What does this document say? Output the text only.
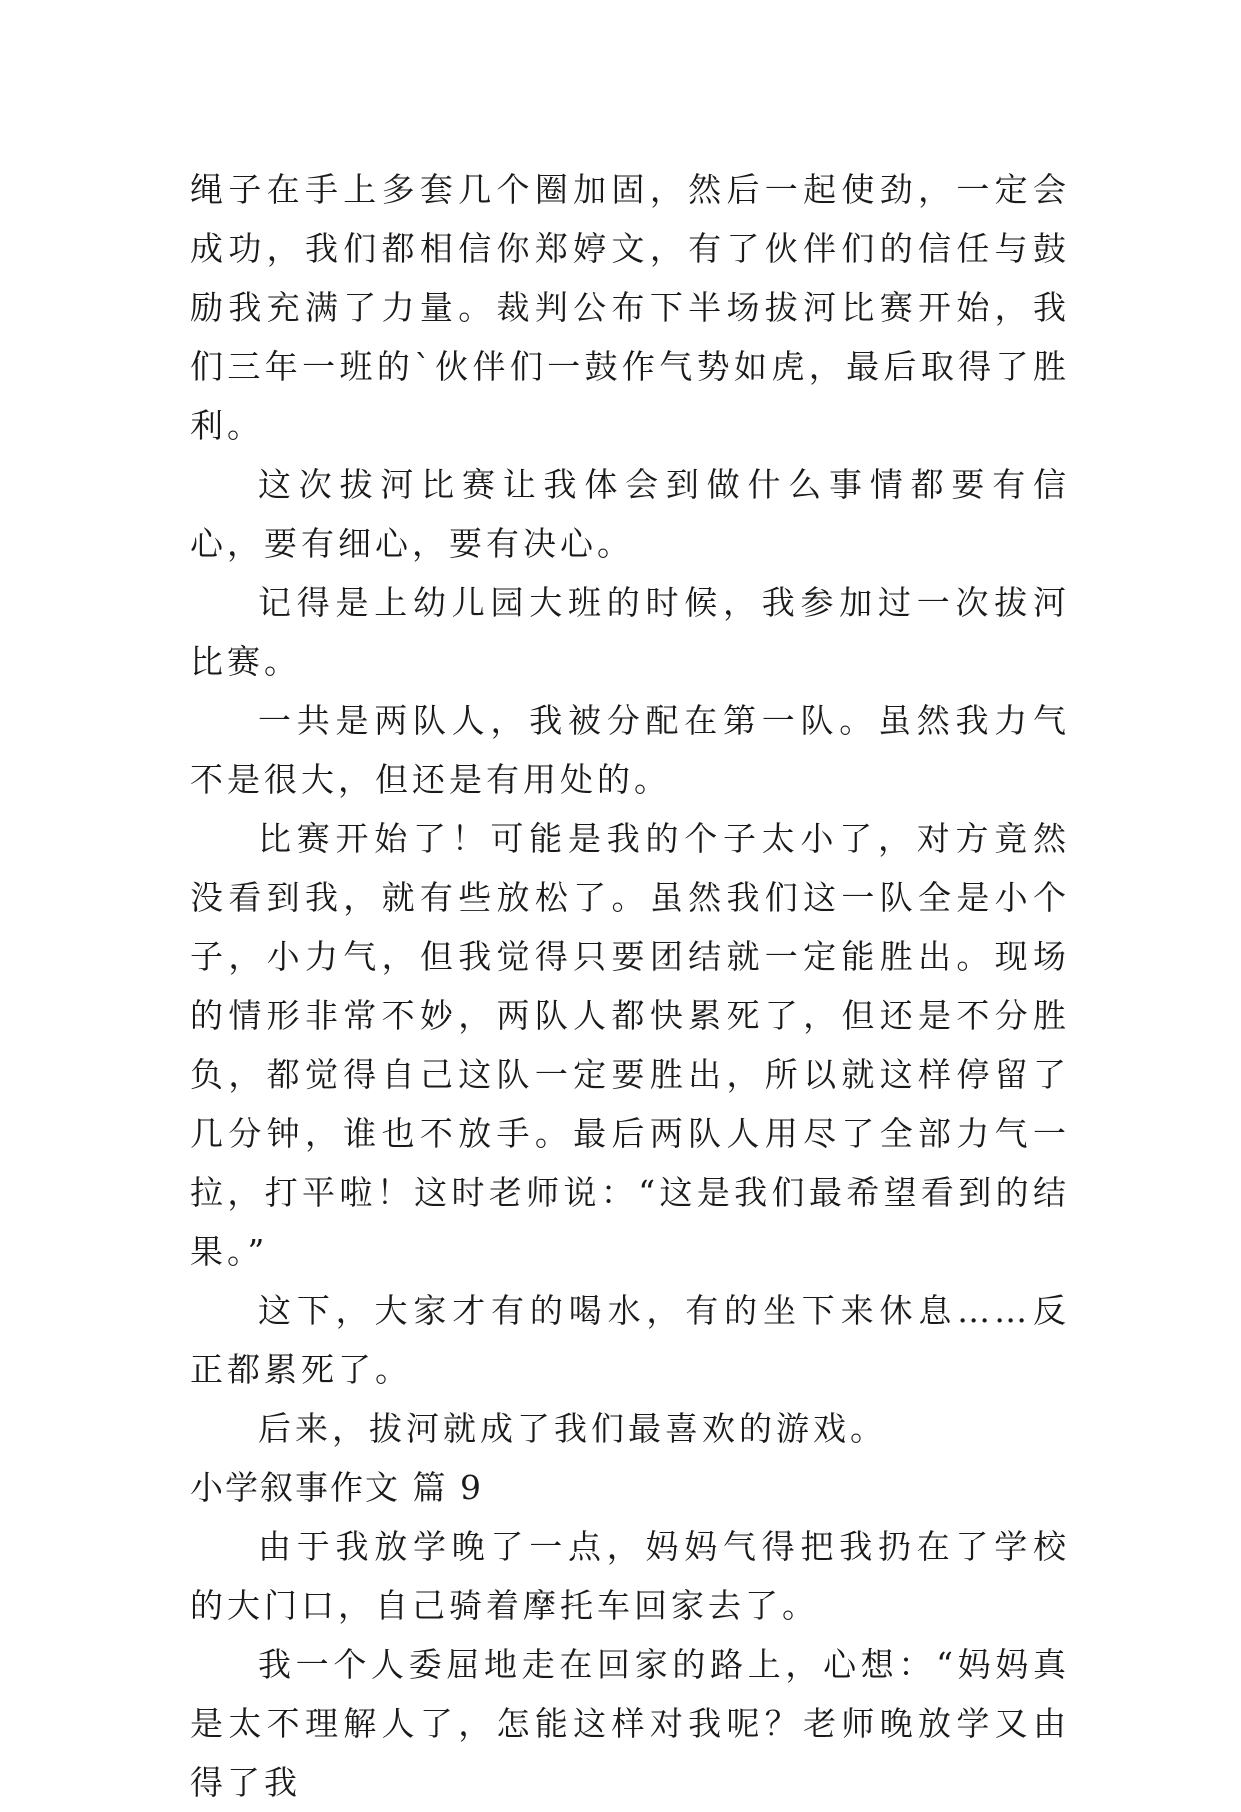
绳子在手上多套几个圈加固，然后一起使劲，一定会成功，我们都相信你郑婷文，有了伙伴们的信任与鼓励我充满了力量。裁判公布下半场拔河比赛开始，我们三年一班的`伙伴们一鼓作气势如虎，最后取得了胜利。

这次拔河比赛让我体会到做什么事情都要有信心，要有细心，要有决心。

记得是上幼儿园大班的时候，我参加过一次拔河比赛。

一共是两队人，我被分配在第一队。虽然我力气不是很大，但还是有用处的。

比赛开始了！可能是我的个子太小了，对方竟然没看到我，就有些放松了。虽然我们这一队全是小个子，小力气，但我觉得只要团结就一定能胜出。现场的情形非常不妙，两队人都快累死了，但还是不分胜负，都觉得自己这队一定要胜出，所以就这样停留了几分钟，谁也不放手。最后两队人用尽了全部力气一拉，打平啦！这时老师说：“这是我们最希望看到的结果。”

这下，大家才有的喝水，有的坐下来休息……反正都累死了。

后来，拔河就成了我们最喜欢的游戏。

小学叙事作文 篇 9

由于我放学晚了一点，妈妈气得把我扔在了学校的大门口，自己骑着摩托车回家去了。

我一个人委屈地走在回家的路上，心想：“妈妈真是太不理解人了，怎能这样对我呢？老师晚放学又由得了我
